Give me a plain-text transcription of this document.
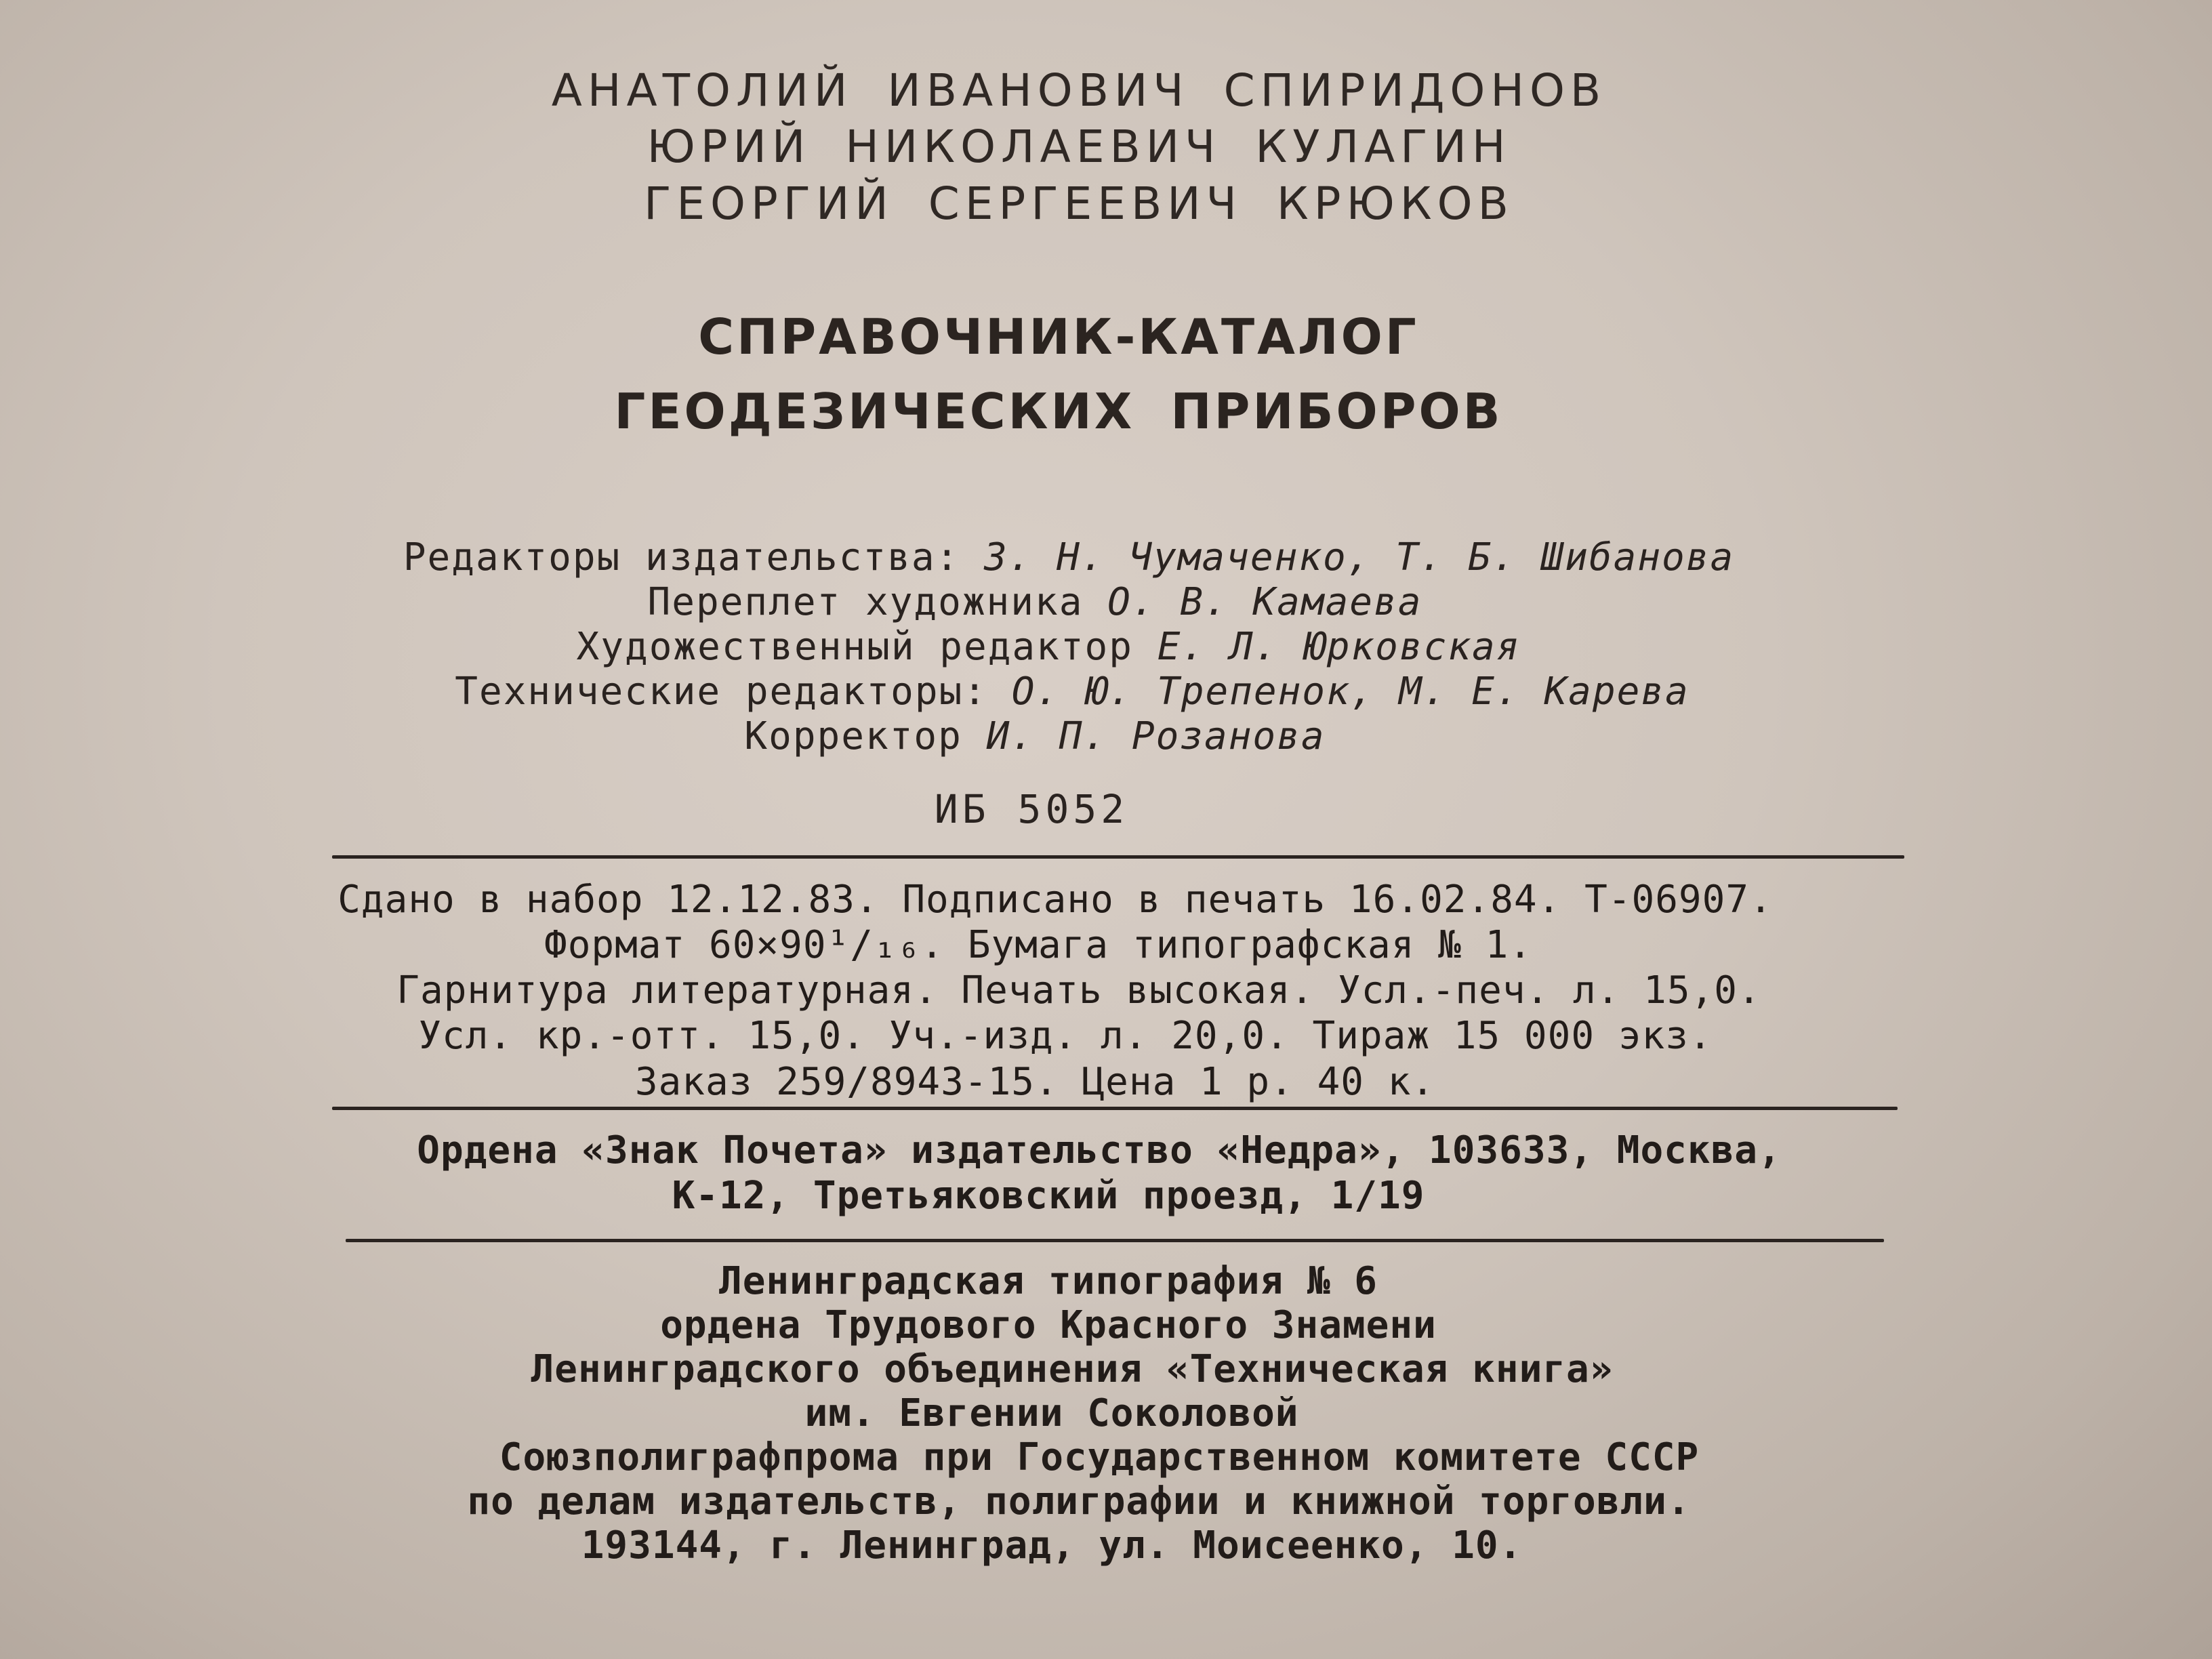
АНАТОЛИЙ ИВАНОВИЧ СПИРИДОНОВ
ЮРИЙ НИКОЛАЕВИЧ КУЛАГИН
ГЕОРГИЙ СЕРГЕЕВИЧ КРЮКОВ
СПРАВОЧНИК-КАТАЛОГ
ГЕОДЕЗИЧЕСКИХ ПРИБОРОВ
Редакторы издательства: З. Н. Чумаченко, Т. Б. Шибанова
Переплет художника О. В. Камаева
Художественный редактор Е. Л. Юрковская
Технические редакторы: О. Ю. Трепенок, М. Е. Карева
Корректор И. П. Розанова
ИБ 5052
Сдано в набор 12.12.83. Подписано в печать 16.02.84. Т-06907.
Формат 60×90¹/₁₆. Бумага типографская № 1.
Гарнитура литературная. Печать высокая. Усл.-печ. л. 15,0.
Усл. кр.-отт. 15,0. Уч.-изд. л. 20,0. Тираж 15 000 экз.
Заказ 259/8943-15. Цена 1 р. 40 к.
Ордена «Знак Почета» издательство «Недра», 103633, Москва,
К-12, Третьяковский проезд, 1/19
Ленинградская типография № 6
ордена Трудового Красного Знамени
Ленинградского объединения «Техническая книга»
им. Евгении Соколовой
Союзполиграфпрома при Государственном комитете СССР
по делам издательств, полиграфии и книжной торговли.
193144, г. Ленинград, ул. Моисеенко, 10.
